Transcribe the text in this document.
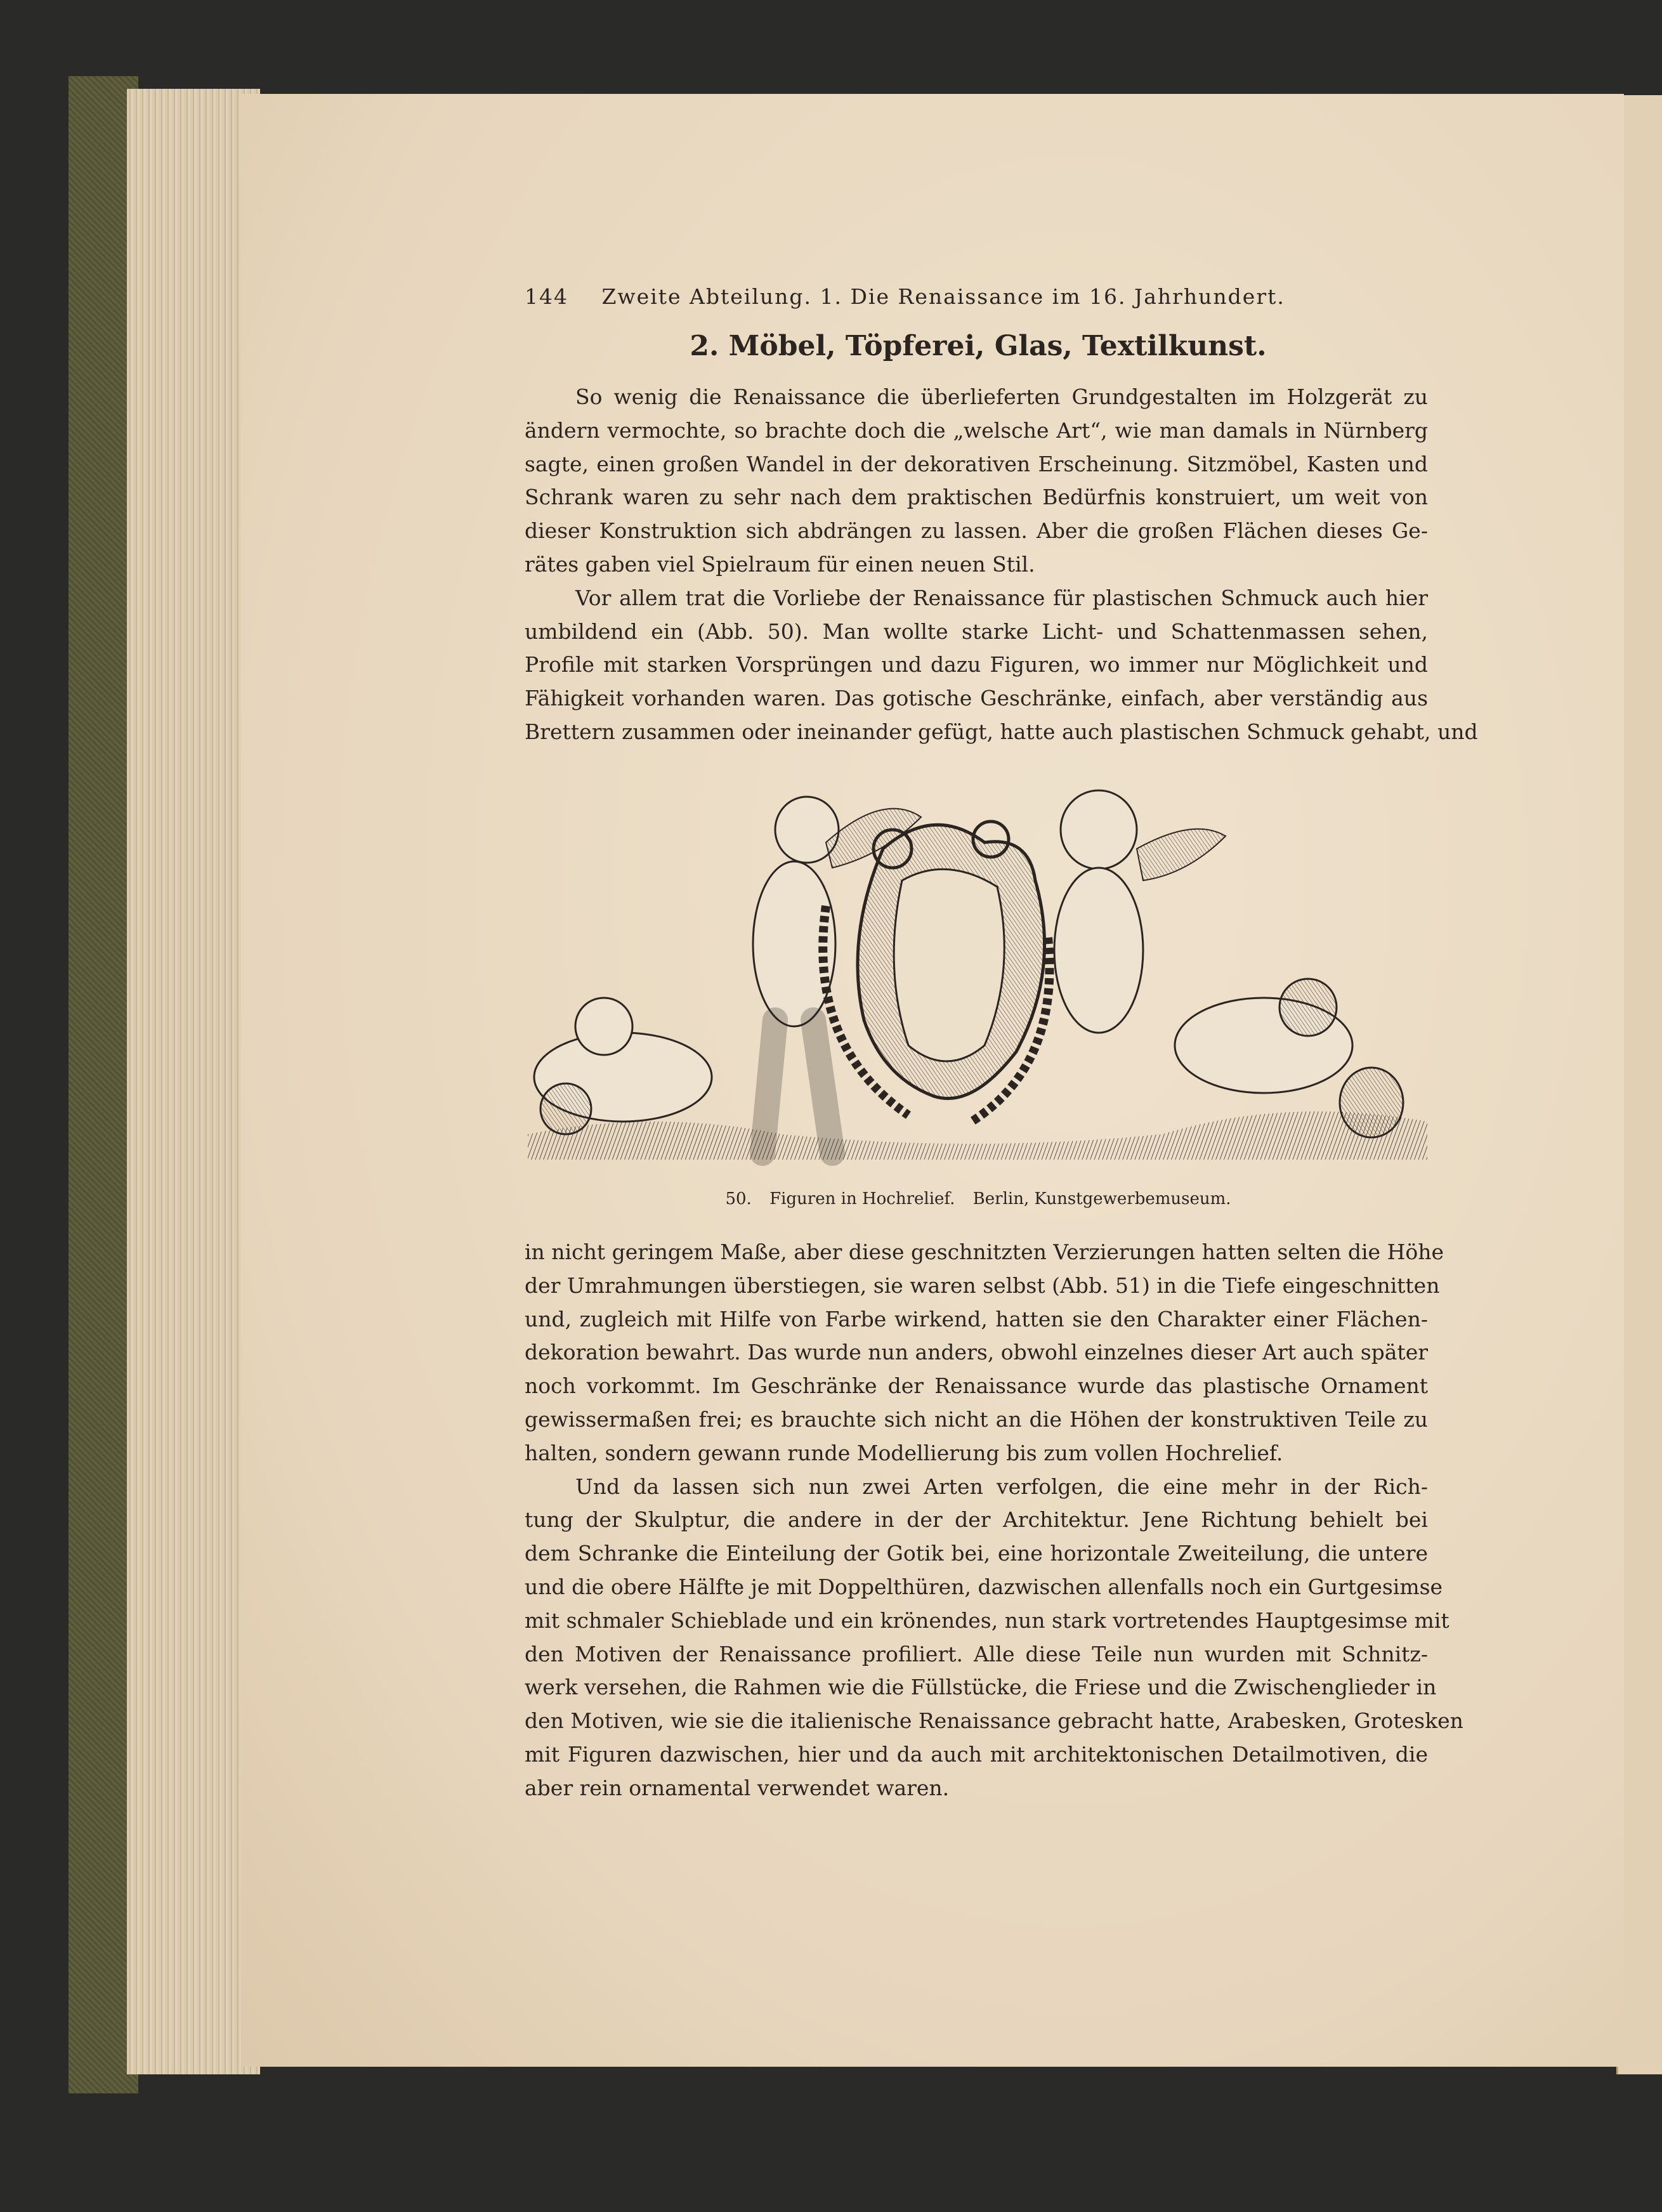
144 Zweite Abteilung. 1. Die Renaissance im 16. Jahrhundert.
2. Möbel, Töpferei, Glas, Textilkunst.
So wenig die Renaissance die überlieferten Grundgestalten im Holzgerät zu
ändern vermochte, so brachte doch die „welsche Art“, wie man damals in Nürnberg
sagte, einen großen Wandel in der dekorativen Erscheinung. Sitzmöbel, Kasten und
Schrank waren zu sehr nach dem praktischen Bedürfnis konstruiert, um weit von
dieser Konstruktion sich abdrängen zu lassen. Aber die großen Flächen dieses Ge-
rätes gaben viel Spielraum für einen neuen Stil.
Vor allem trat die Vorliebe der Renaissance für plastischen Schmuck auch hier
umbildend ein (Abb. 50). Man wollte starke Licht- und Schattenmassen sehen,
Profile mit starken Vorsprüngen und dazu Figuren, wo immer nur Möglichkeit und
Fähigkeit vorhanden waren. Das gotische Geschränke, einfach, aber verständig aus
Brettern zusammen oder ineinander gefügt, hatte auch plastischen Schmuck gehabt, und
50. Figuren in Hochrelief. Berlin, Kunstgewerbemuseum.
in nicht geringem Maße, aber diese geschnitzten Verzierungen hatten selten die Höhe
der Umrahmungen überstiegen, sie waren selbst (Abb. 51) in die Tiefe eingeschnitten
und, zugleich mit Hilfe von Farbe wirkend, hatten sie den Charakter einer Flächen-
dekoration bewahrt. Das wurde nun anders, obwohl einzelnes dieser Art auch später
noch vorkommt. Im Geschränke der Renaissance wurde das plastische Ornament
gewissermaßen frei; es brauchte sich nicht an die Höhen der konstruktiven Teile zu
halten, sondern gewann runde Modellierung bis zum vollen Hochrelief.
Und da lassen sich nun zwei Arten verfolgen, die eine mehr in der Rich-
tung der Skulptur, die andere in der der Architektur. Jene Richtung behielt bei
dem Schranke die Einteilung der Gotik bei, eine horizontale Zweiteilung, die untere
und die obere Hälfte je mit Doppelthüren, dazwischen allenfalls noch ein Gurtgesimse
mit schmaler Schieblade und ein krönendes, nun stark vortretendes Hauptgesimse mit
den Motiven der Renaissance profiliert. Alle diese Teile nun wurden mit Schnitz-
werk versehen, die Rahmen wie die Füllstücke, die Friese und die Zwischenglieder in
den Motiven, wie sie die italienische Renaissance gebracht hatte, Arabesken, Grotesken
mit Figuren dazwischen, hier und da auch mit architektonischen Detailmotiven, die
aber rein ornamental verwendet waren.
